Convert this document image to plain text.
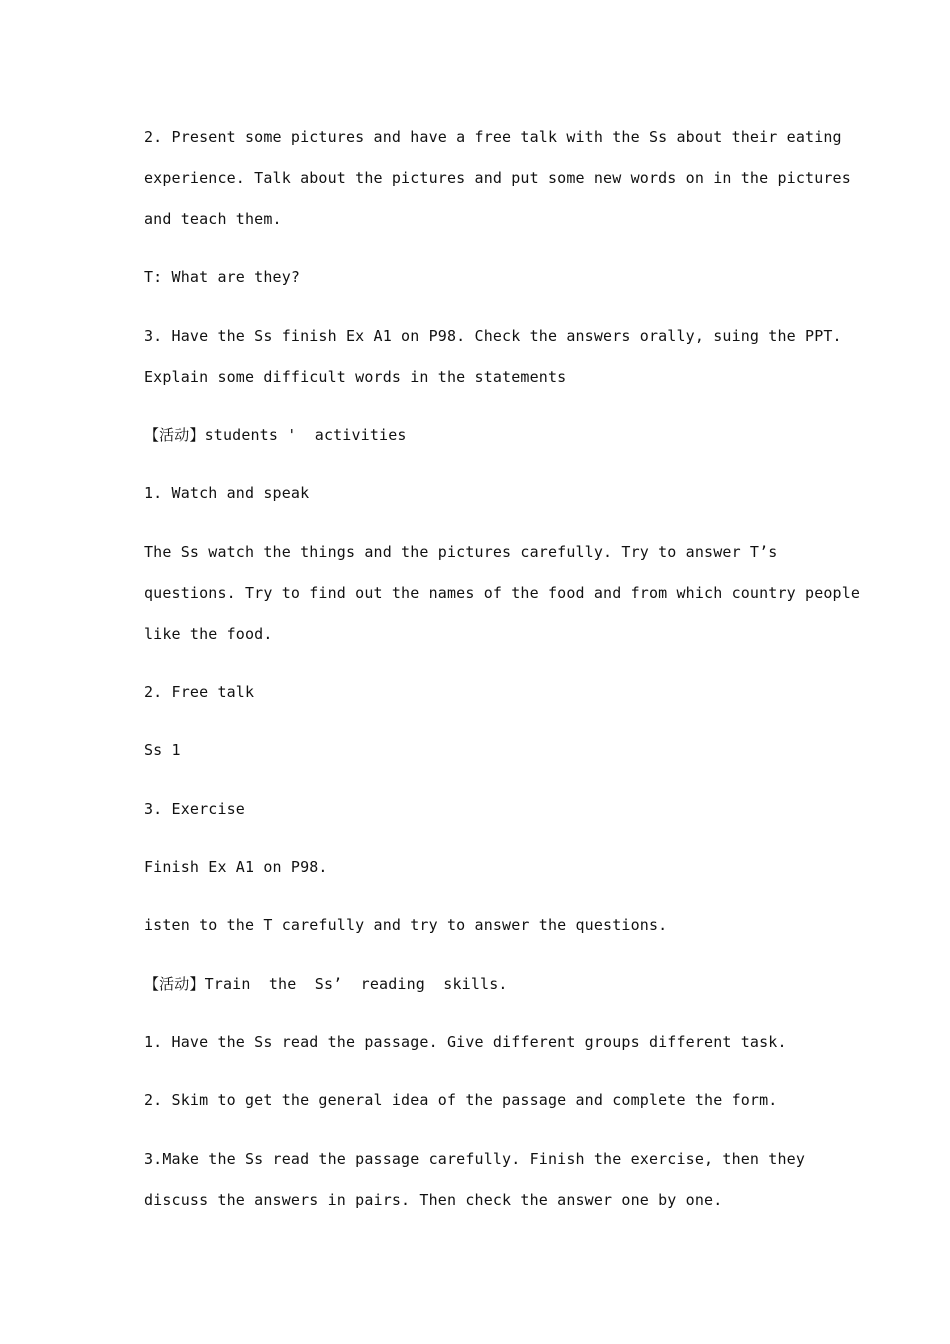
2. Present some pictures and have a free talk with the Ss about their eating

experience. Talk about the pictures and put some new words on in the pictures

and teach them.

T: What are they?

3. Have the Ss finish Ex A1 on P98. Check the answers orally, suing the PPT.

Explain some difficult words in the statements

【活动】students '  activities

1. Watch and speak

The Ss watch the things and the pictures carefully. Try to answer T’s

questions. Try to find out the names of the food and from which country people

like the food.

2. Free talk

Ss 1

3. Exercise

Finish Ex A1 on P98.

isten to the T carefully and try to answer the questions.

【活动】Train  the  Ss’  reading  skills.

1. Have the Ss read the passage. Give different groups different task.

2. Skim to get the general idea of the passage and complete the form.

3.Make the Ss read the passage carefully. Finish the exercise, then they

discuss the answers in pairs. Then check the answer one by one.
